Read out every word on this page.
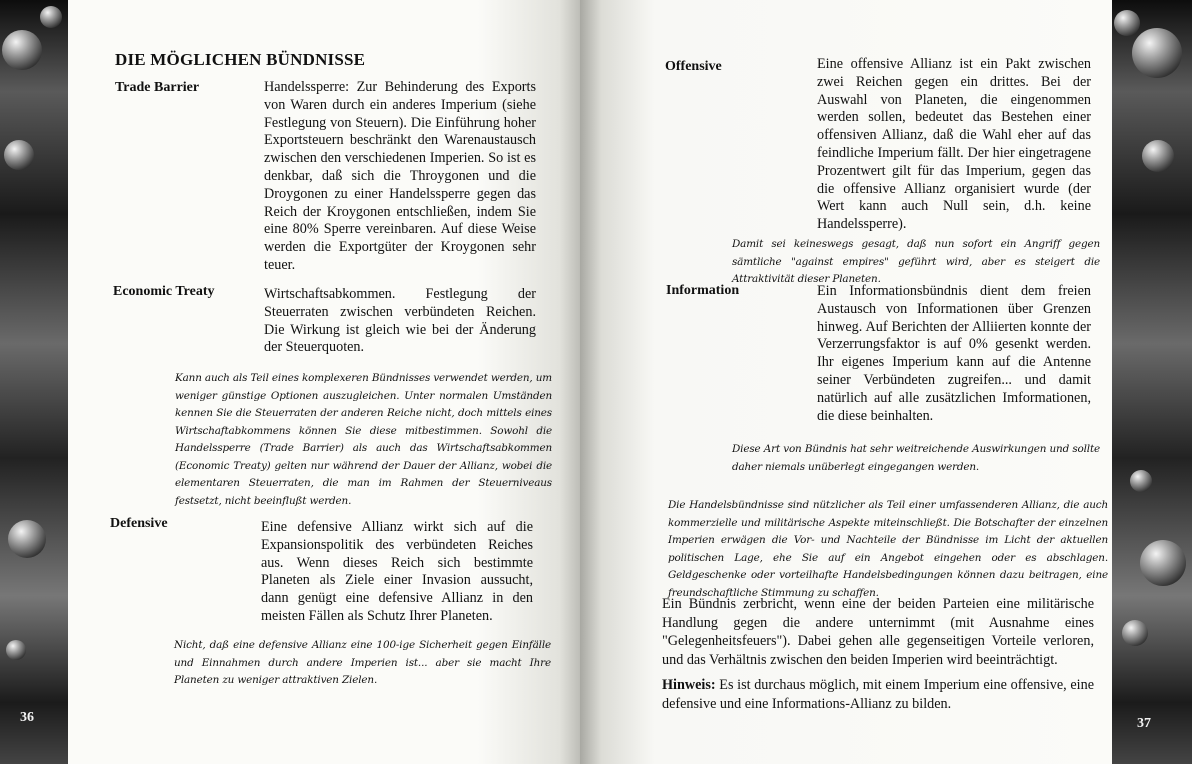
36	37
DIE MÖGLICHEN BÜNDNISSE
Trade Barrier	Handelssperre: Zur Behinderung des Exports von Waren durch ein anderes Imperium (siehe Festlegung von Steuern). Die Einführung hoher Exportsteuern beschränkt den Warenaustausch zwischen den verschiedenen Imperien. So ist es denkbar, daß sich die Throygonen und die Droygonen zu einer Handelssperre gegen das Reich der Kroygonen entschließen, indem Sie eine 80% Sperre vereinbaren. Auf diese Weise werden die Exportgüter der Kroygonen sehr teuer.

Economic Treaty	Wirtschaftsabkommen. Festlegung der Steuerraten zwischen verbündeten Reichen. Die Wirkung ist gleich wie bei der Änderung der Steuerquoten.

Kann auch als Teil eines komplexeren Bündnisses verwendet werden, um weniger günstige Optionen auszugleichen. Unter normalen Umständen kennen Sie die Steuerraten der anderen Reiche nicht, doch mittels eines Wirtschaftabkommens können Sie diese mitbestimmen. Sowohl die Handelssperre (Trade Barrier) als auch das Wirtschaftsabkommen (Economic Treaty) gelten nur während der Dauer der Allianz, wobei die elementaren Steuerraten, die man im Rahmen der Steuerniveaus festsetzt, nicht beeinflußt werden.

Defensive	Eine defensive Allianz wirkt sich auf die Expansionspolitik des verbündeten Reiches aus. Wenn dieses Reich sich bestimmte Planeten als Ziele einer Invasion aussucht, dann genügt eine defensive Allianz in den meisten Fällen als Schutz Ihrer Planeten.

Nicht, daß eine defensive Allianz eine 100-ige Sicherheit gegen Einfälle und Einnahmen durch andere Imperien ist... aber sie macht Ihre Planeten zu weniger attraktiven Zielen.

Offensive	Eine offensive Allianz ist ein Pakt zwischen zwei Reichen gegen ein drittes. Bei der Auswahl von Planeten, die eingenommen werden sollen, bedeutet das Bestehen einer offensiven Allianz, daß die Wahl eher auf das feindliche Imperium fällt. Der hier eingetragene Prozentwert gilt für das Imperium, gegen das die offensive Allianz organisiert wurde (der Wert kann auch Null sein, d.h. keine Handelssperre).

Damit sei keineswegs gesagt, daß nun sofort ein Angriff gegen sämtliche "against empires" geführt wird, aber es steigert die Attraktivität dieser Planeten.

Information	Ein Informationsbündnis dient dem freien Austausch von Informationen über Grenzen hinweg. Auf Berichten der Alliierten konnte der Verzerrungsfaktor is auf 0% gesenkt werden. Ihr eigenes Imperium kann auf die Antenne seiner Verbündeten zugreifen... und damit natürlich auf alle zusätzlichen Imformationen, die diese beinhalten.

Diese Art von Bündnis hat sehr weitreichende Auswirkungen und sollte daher niemals unüberlegt eingegangen werden.

Die Handelsbündnisse sind nützlicher als Teil einer umfassenderen Allianz, die auch kommerzielle und militärische Aspekte miteinschließt. Die Botschafter der einzelnen Imperien erwägen die Vor- und Nachteile der Bündnisse im Licht der aktuellen politischen Lage, ehe Sie auf ein Angebot eingehen oder es abschlagen. Geldgeschenke oder vorteilhafte Handelsbedingungen können dazu beitragen, eine freundschaftliche Stimmung zu schaffen.

Ein Bündnis zerbricht, wenn eine der beiden Parteien eine militärische Handlung gegen die andere unternimmt (mit Ausnahme eines "Gelegenheitsfeuers"). Dabei gehen alle gegenseitigen Vorteile verloren, und das Verhältnis zwischen den beiden Imperien wird beeinträchtigt.

Hinweis: Es ist durchaus möglich, mit einem Imperium eine offensive, eine defensive und eine Informations-Allianz zu bilden.
